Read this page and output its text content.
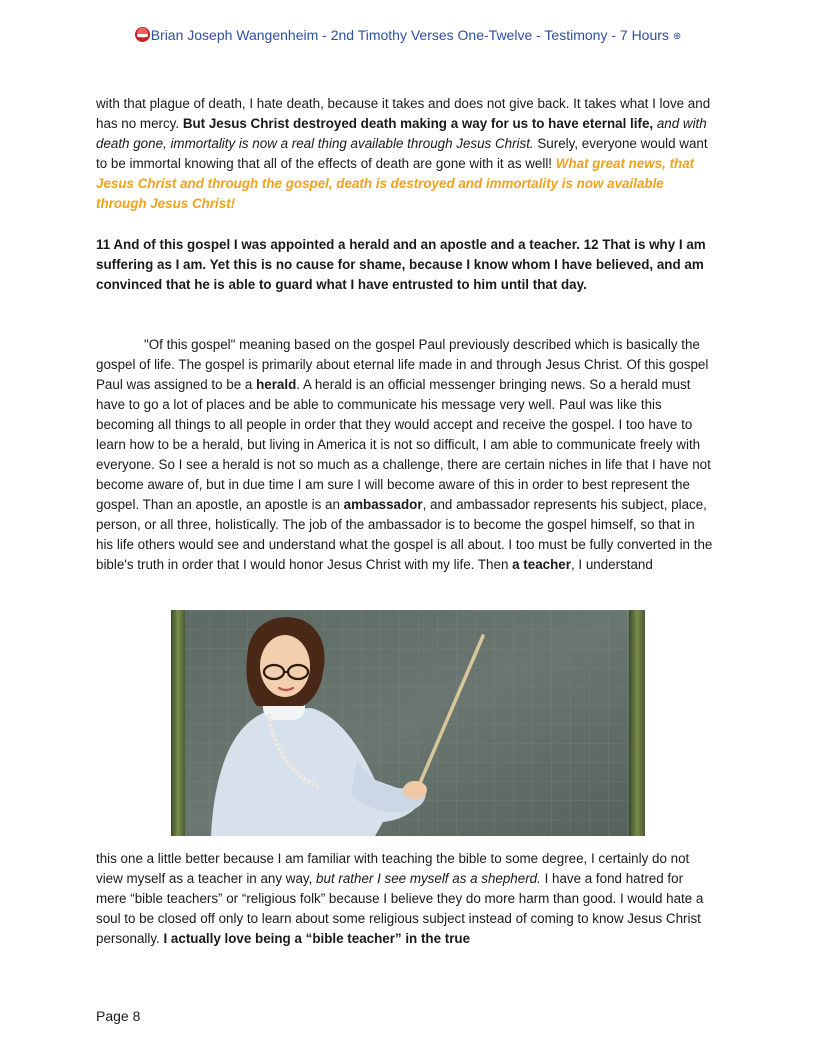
Brian Joseph Wangenheim - 2nd Timothy Verses One-Twelve - Testimony - 7 Hours ⊕

with that plague of death, I hate death, because it takes and does not give back. It takes what I love and has no mercy. But Jesus Christ destroyed death making a way for us to have eternal life, and with death gone, immortality is now a real thing available through Jesus Christ. Surely, everyone would want to be immortal knowing that all of the effects of death are gone with it as well! What great news, that Jesus Christ and through the gospel, death is destroyed and immortality is now available through Jesus Christ!

11 And of this gospel I was appointed a herald and an apostle and a teacher. 12 That is why I am suffering as I am. Yet this is no cause for shame, because I know whom I have believed, and am convinced that he is able to guard what I have entrusted to him until that day.

"Of this gospel" meaning based on the gospel Paul previously described which is basically the gospel of life. The gospel is primarily about eternal life made in and through Jesus Christ. Of this gospel Paul was assigned to be a herald. A herald is an official messenger bringing news. So a herald must have to go a lot of places and be able to communicate his message very well. Paul was like this becoming all things to all people in order that they would accept and receive the gospel. I too have to learn how to be a herald, but living in America it is not so difficult, I am able to communicate freely with everyone. So I see a herald is not so much as a challenge, there are certain niches in life that I have not become aware of, but in due time I am sure I will become aware of this in order to best represent the gospel. Than an apostle, an apostle is an ambassador, and ambassador represents his subject, place, person, or all three, holistically. The job of the ambassador is to become the gospel himself, so that in his life others would see and understand what the gospel is all about. I too must be fully converted in the bible's truth in order that I would honor Jesus Christ with my life. Then a teacher, I understand

this one a little better because I am familiar with teaching the bible to some degree, I certainly do not view myself as a teacher in any way, but rather I see myself as a shepherd. I have a fond hatred for mere “bible teachers” or “religious folk” because I believe they do more harm than good. I would hate a soul to be closed off only to learn about some religious subject instead of coming to know Jesus Christ personally. I actually love being a “bible teacher” in the true

Page 8
